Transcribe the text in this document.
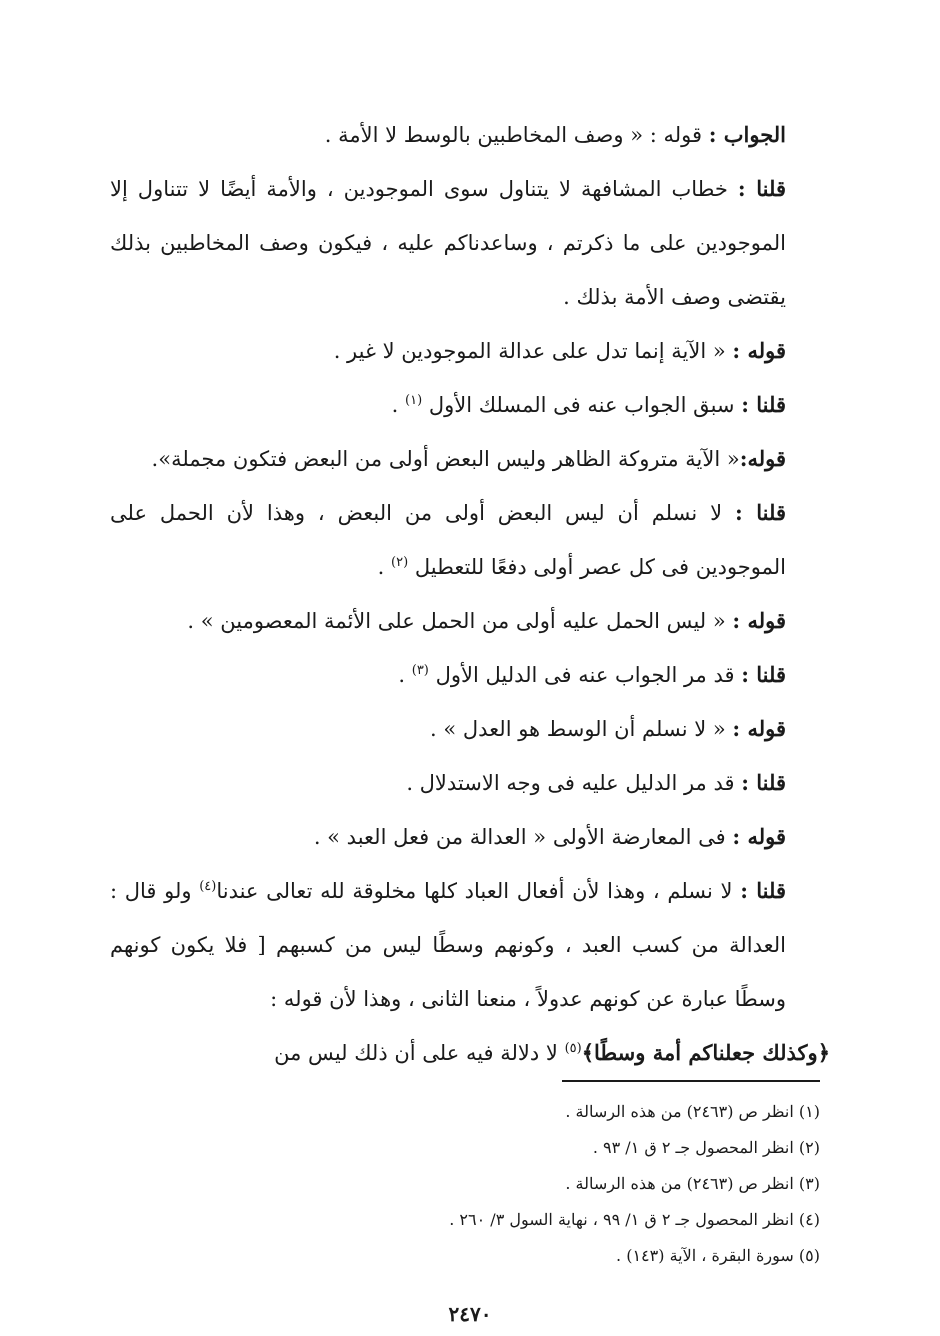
الجواب : قوله : « وصف المخاطبين بالوسط لا الأمة .

قلنا : خطاب المشافهة لا يتناول سوى الموجودين ، والأمة أيضًا لا تتناول إلا الموجودين على ما ذكرتم ، وساعدناكم عليه ، فيكون وصف المخاطبين بذلك يقتضى وصف الأمة بذلك .

قوله : « الآية إنما تدل على عدالة الموجودين لا غير .

قلنا : سبق الجواب عنه فى المسلك الأول $^{(١)}$ .

قوله:« الآية متروكة الظاهر وليس البعض أولى من البعض فتكون مجملة».

قلنا : لا نسلم أن ليس البعض أولى من البعض ، وهذا لأن الحمل على الموجودين فى كل عصر أولى دفعًا للتعطيل $^{(٢)}$ .

قوله : « ليس الحمل عليه أولى من الحمل على الأئمة المعصومين » .

قلنا : قد مر الجواب عنه فى الدليل الأول $^{(٣)}$ .

قوله : « لا نسلم أن الوسط هو العدل » .

قلنا : قد مر الدليل عليه فى وجه الاستدلال .

قوله : فى المعارضة الأولى « العدالة من فعل العبد » .

قلنا : لا نسلم ، وهذا لأن أفعال العباد كلها مخلوقة لله تعالى عندنا$^{(٤)}$ ولو قال : العدالة من كسب العبد ، وكونهم وسطًا ليس من كسبهم [ فلا يكون كونهم وسطًا عبارة عن كونهم عدولاً ، منعنا الثانى ، وهذا لأن قوله :

﴿وكذلك جعلناكم أمة وسطًا﴾$^{(٥)}$ لا دلالة فيه على أن ذلك ليس من

(١) انظر ص (٢٤٦٣) من هذه الرسالة .

(٢) انظر المحصول جـ ٢ ق ١/ ٩٣ .

(٣) انظر ص (٢٤٦٣) من هذه الرسالة .

(٤) انظر المحصول جـ ٢ ق ١/ ٩٩ ، نهاية السول ٣/ ٢٦٠ .

(٥) سورة البقرة ، الآية (١٤٣) .

٢٤٧٠
